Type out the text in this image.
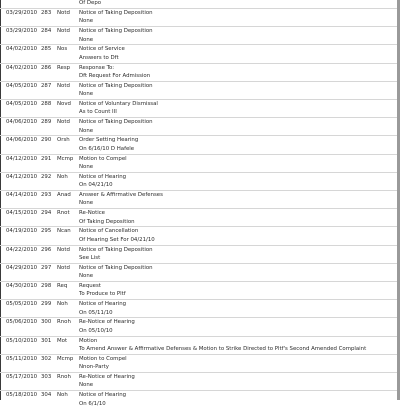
Of Depo
03/29/2010 283 Notd Notice of Taking Deposition
None
03/29/2010 284 Notd Notice of Taking Deposition
None
04/02/2010 285 Nos Notice of Service
Answers to Dft
04/02/2010 286 Resp Response To:
Dft Request For Admission
04/05/2010 287 Notd Notice of Taking Deposition
None
04/05/2010 288 Novd Notice of Voluntary Dismissal
As to Count III
04/06/2010 289 Notd Notice of Taking Deposition
None
04/06/2010 290 Orsh Order Setting Hearing
On 6/16/10 D Hafele
04/12/2010 291 Mcmp Motion to Compel
None
04/12/2010 292 Noh Notice of Hearing
On 04/21/10
04/14/2010 293 Anad Answer & Affirmative Defenses
None
04/15/2010 294 Rnot Re-Notice
Of Taking Deposition
04/19/2010 295 Ncan Notice of Cancellation
Of Hearing Set For 04/21/10
04/22/2010 296 Notd Notice of Taking Deposition
See List
04/29/2010 297 Notd Notice of Taking Deposition
None
04/30/2010 298 Req Request
To Produce to Pltf
05/05/2010 299 Noh Notice of Hearing
On 05/11/10
05/06/2010 300 Rnoh Re-Notice of Hearing
On 05/10/10
05/10/2010 301 Mot Motion
To Amend Answer & Affirmative Defenses & Motion to Strike Directed to Pltf's Second Amended Complaint
05/11/2010 302 Mcmp Motion to Compel
Nnon-Party
05/17/2010 303 Rnoh Re-Notice of Hearing
None
05/18/2010 304 Noh Notice of Hearing
On 6/1/10
